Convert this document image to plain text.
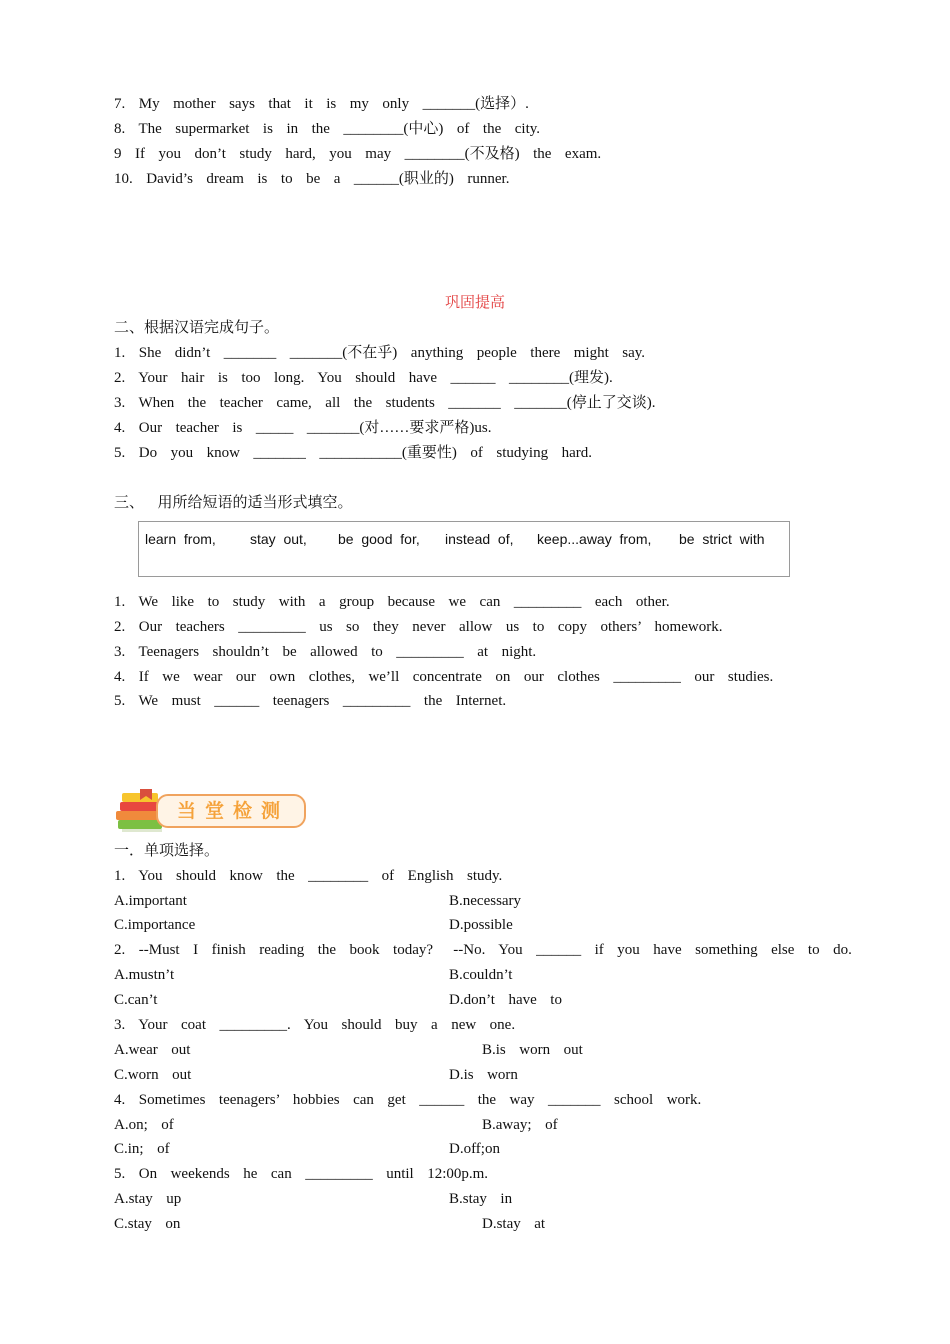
7.  My  mother  says  that  it  is  my  only  _______(选择）.
8.  The  supermarket  is  in  the  ________(中心)  of  the  city.
9  If  you  don’t  study  hard,  you  may  ________(不及格)  the  exam.
10.  David’s  dream  is  to  be  a  ______(职业的)  runner.
巩固提高
二、根据汉语完成句子。
1.  She  didn’t  _______  _______(不在乎)  anything  people  there  might  say.
2.  Your  hair  is  too  long.  You  should  have  ______  ________(理发).
3.  When  the  teacher  came,  all  the  students  _______  _______(停止了交谈).
4.  Our  teacher  is  _____  _______(对……要求严格)us.
5.  Do  you  know  _______  ___________(重要性)  of  studying  hard.
三、  用所给短语的适当形式填空。
learn  from, stay  out, be  good  for, instead  of, keep...away  from, be  strict  with
1.  We  like  to  study  with  a  group  because  we  can  _________  each  other.
2.  Our  teachers  _________  us  so  they  never  allow  us  to  copy  others’  homework.
3.  Teenagers  shouldn’t  be  allowed  to  _________  at  night.
4.  If  we  wear  our  own  clothes,  we’ll  concentrate  on  our  clothes  _________  our  studies.
5.  We  must  ______  teenagers  _________  the  Internet.
当堂检测
一．单项选择。
1.  You  should  know  the  ________  of  English  study.
A.important	B.necessary
C.importance	D.possible
2.  --Must  I  finish  reading  the  book  today?   --No.  You  ______  if  you  have  something  else  to  do.
A.mustn’t	B.couldn’t
C.can’t	D.don’t  have  to
3.  Your  coat  _________.  You  should  buy  a  new  one.
A.wear  out	B.is  worn  out
C.worn  out	D.is  worn
4.  Sometimes  teenagers’  hobbies  can  get  ______  the  way  _______  school  work.
A.on;  of	B.away;  of
C.in;  of	D.off;on
5.  On  weekends  he  can  _________  until  12:00p.m.
A.stay  up	B.stay  in
C.stay  on	D.stay  at
